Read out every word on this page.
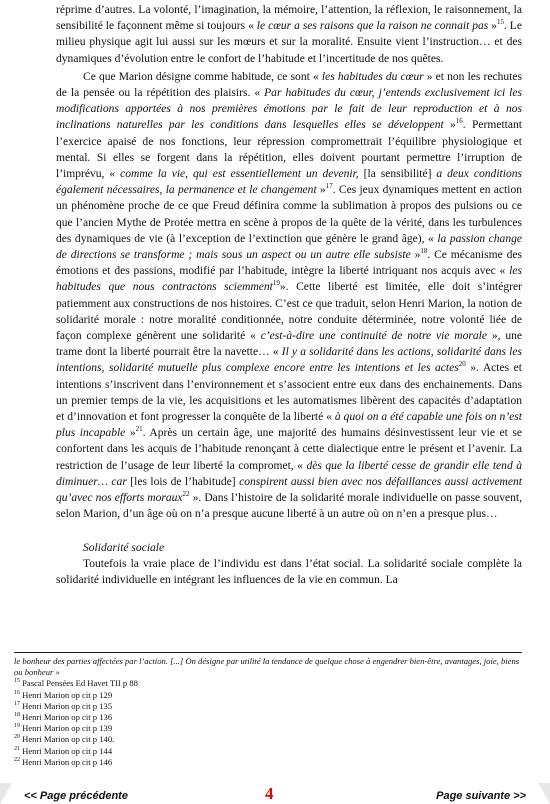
réprime d’autres. La volonté, l’imagination, la mémoire, l’attention, la réflexion, le raisonnement, la sensibilité le façonnent même si toujours « le cœur a ses raisons que la raison ne connait pas »$^{15}$. Le milieu physique agit lui aussi sur les mœurs et sur la moralité. Ensuite vient l’instruction… et des dynamiques d’évolution entre le confort de l’habitude et l’incertitude de nos quêtes.

Ce que Marion désigne comme habitude, ce sont « les habitudes du cœur » et non les rechutes de la pensée ou la répétition des plaisirs. « Par habitudes du cœur, j’entends exclusivement ici les modifications apportées à nos premières émotions par le fait de leur reproduction et à nos inclinations naturelles par les conditions dans lesquelles elles se développent »$^{16}$. Permettant l’exercice apaisé de nos fonctions, leur répression compromettrait l’équilibre physiologique et mental. Si elles se forgent dans la répétition, elles doivent pourtant permettre l’irruption de l’imprévu, « comme la vie, qui est essentiellement un devenir, [la sensibilité] a deux conditions également nécessaires, la permanence et le changement »$^{17}$. Ces jeux dynamiques mettent en action un phénomène proche de ce que Freud définira comme la sublimation à propos des pulsions ou ce que l’ancien Mythe de Protée mettra en scène à propos de la quête de la vérité, dans les turbulences des dynamiques de vie (à l’exception de l’extinction que génère le grand âge), « la passion change de directions se transforme ; mais sous un aspect ou un autre elle subsiste »$^{18}$. Ce mécanisme des émotions et des passions, modifié par l’habitude, intègre la liberté intriquant nos acquis avec « les habitudes que nous contractons sciemment$^{19}$». Cette liberté est limitée, elle doit s’intégrer patiemment aux constructions de nos histoires. C’est ce que traduit, selon Henri Marion, la notion de solidarité morale : notre moralité conditionnée, notre conduite déterminée, notre volonté liée de façon complexe génèrent une solidarité « c’est-à-dire une continuité de notre vie morale », une trame dont la liberté pourrait être la navette… « Il y a solidarité dans les actions, solidarité dans les intentions, solidarité mutuelle plus complexe encore entre les intentions et les actes$^{20}$ ». Actes et intentions s’inscrivent dans l’environnement et s’associent entre eux dans des enchainements. Dans un premier temps de la vie, les acquisitions et les automatismes libèrent des capacités d’adaptation et d’innovation et font progresser la conquête de la liberté « à quoi on a été capable une fois on n’est plus incapable »$^{21}$. Après un certain âge, une majorité des humains désinvestissent leur vie et se confortent dans les acquis de l’habitude renonçant à cette dialectique entre le présent et l’avenir. La restriction de l’usage de leur liberté la compromet, « dès que la liberté cesse de grandir elle tend à diminuer… car [les lois de l’habitude] conspirent aussi bien avec nos défaillances aussi activement qu’avec nos efforts moraux$^{22}$ ». Dans l’histoire de la solidarité morale individuelle on passe souvent, selon Marion, d’un âge où on n’a presque aucune liberté à un autre où on n’en a presque plus…

Solidarité sociale

Toutefois la vraie place de l’individu est dans l’état social. La solidarité sociale complète la solidarité individuelle en intégrant les influences de la vie en commun. La

le bonheur des parties affectées par l’action. [...] On désigne par utilité la tendance de quelque chose à engendrer bien-être, avantages, joie, biens ou bonheur »
$^{15}$ Pascal Pensées Ed Havet TII p 88
$^{16}$ Henri Marion op cit p 129
$^{17}$ Henri Marion op cit p 135
$^{18}$ Henri Marion op cit p 136
$^{19}$ Henri Marion op cit p 139
$^{20}$ Henri Marion op cit p 140.
$^{21}$ Henri Marion op cit p 144
$^{22}$ Henri Marion op cit p 146
<< Page précédente	4	Page suivante >>
